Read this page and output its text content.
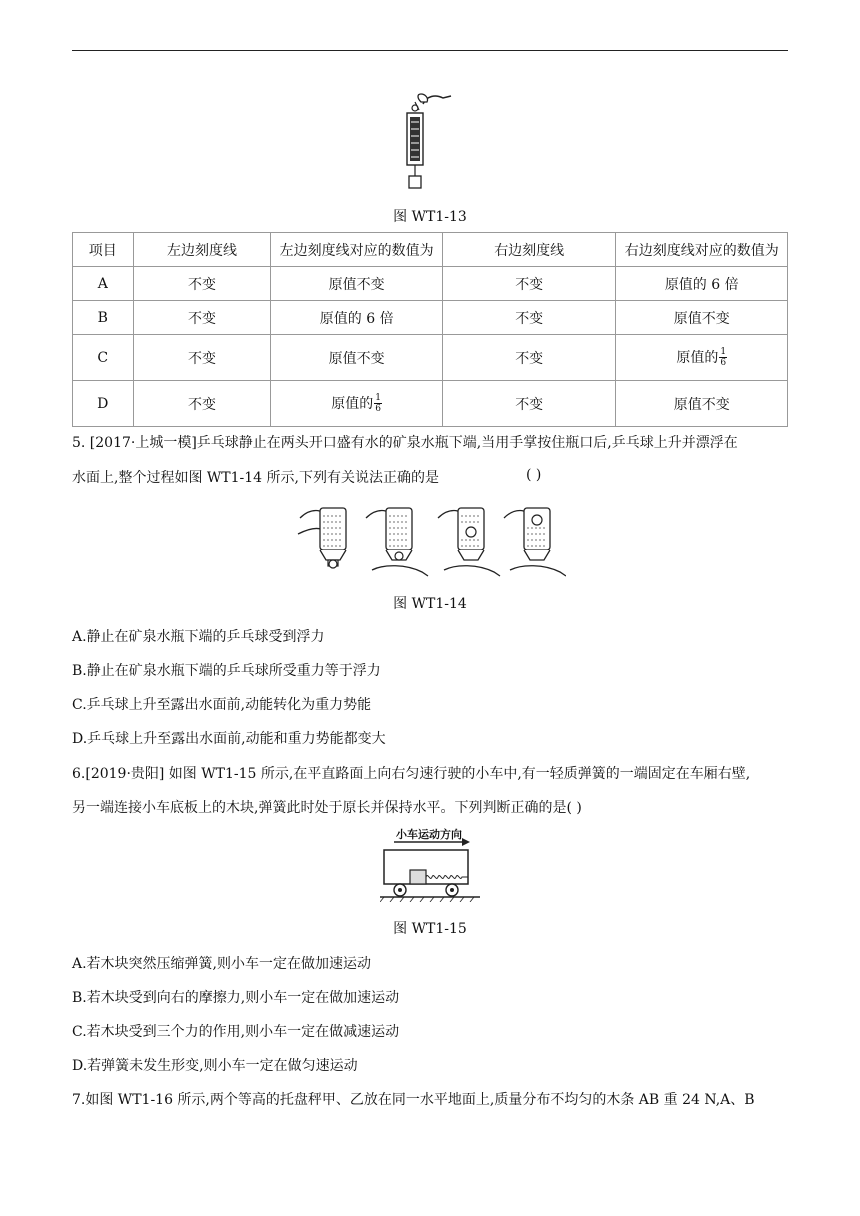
图 WT1-13
项目	左边刻度线	左边刻度线对应的数值为	右边刻度线	右边刻度线对应的数值为
A	不变	原值不变	不变	原值的 6 倍
B	不变	原值的 6 倍	不变	原值不变
C	不变	原值不变	不变	原值的 $\frac{1}{6}$

D	不变	原值的 $\frac{1}{6}$	不变	原值不变
5. [2017·上城一模]乒乓球静止在两头开口盛有水的矿泉水瓶下端,当用手掌按住瓶口后,乒乓球上升并漂浮在
水面上,整个过程如图 WT1-14 所示,下列有关说法正确的是	( )
图 WT1-14
A.静止在矿泉水瓶下端的乒乓球受到浮力
B.静止在矿泉水瓶下端的乒乓球所受重力等于浮力
C.乒乓球上升至露出水面前,动能转化为重力势能
D.乒乓球上升至露出水面前,动能和重力势能都变大
6.[2019·贵阳] 如图 WT1-15 所示,在平直路面上向右匀速行驶的小车中,有一轻质弹簧的一端固定在车厢右壁,
另一端连接小车底板上的木块,弹簧此时处于原长并保持水平。下列判断正确的是( )
小车运动方向
图 WT1-15
A.若木块突然压缩弹簧,则小车一定在做加速运动
B.若木块受到向右的摩擦力,则小车一定在做加速运动
C.若木块受到三个力的作用,则小车一定在做减速运动
D.若弹簧未发生形变,则小车一定在做匀速运动
7.如图 WT1-16 所示,两个等高的托盘秤甲、乙放在同一水平地面上,质量分布不均匀的木条 AB 重 24 N,A、B
